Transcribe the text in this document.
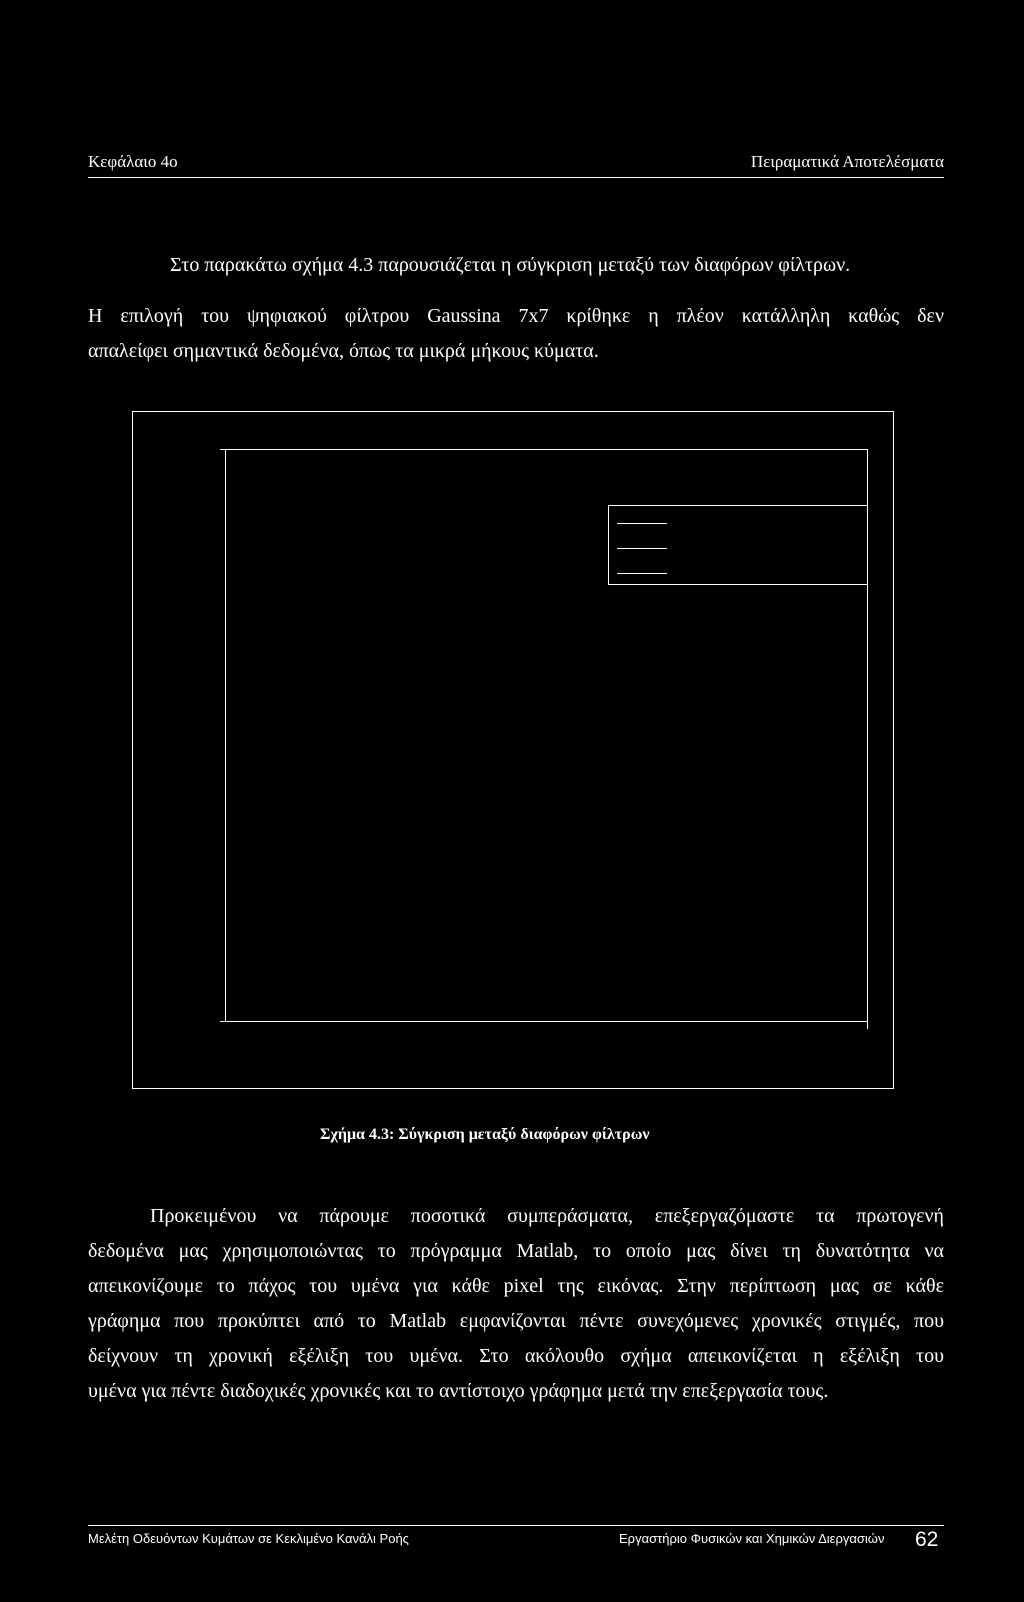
Κεφάλαιο 4ο	Πειραματικά Αποτελέσματα
Στο παρακάτω σχήμα 4.3 παρουσιάζεται η σύγκριση μεταξύ των διαφόρων φίλτρων.
Η επιλογή του ψηφιακού φίλτρου Gaussina 7x7 κρίθηκε η πλέον κατάλληλη καθώς δεν
απαλείφει σημαντικά δεδομένα, όπως τα μικρά μήκους κύματα.
Σχήμα 4.3: Σύγκριση μεταξύ διαφόρων φίλτρων
Προκειμένου να πάρουμε ποσοτικά συμπεράσματα, επεξεργαζόμαστε τα πρωτογενή
δεδομένα μας χρησιμοποιώντας το πρόγραμμα Matlab, το οποίο μας δίνει τη δυνατότητα να
απεικονίζουμε το πάχος του υμένα για κάθε pixel της εικόνας. Στην περίπτωση μας σε κάθε
γράφημα που προκύπτει από το Matlab εμφανίζονται πέντε συνεχόμενες χρονικές στιγμές, που
δείχνουν τη χρονική εξέλιξη του υμένα. Στο ακόλουθο σχήμα απεικονίζεται η εξέλιξη του
υμένα για πέντε διαδοχικές χρονικές και το αντίστοιχο γράφημα μετά την επεξεργασία τους.
Μελέτη Οδευόντων Κυμάτων σε Κεκλιμένο Κανάλι Ροής	Εργαστήριο Φυσικών και Χημικών Διεργασιών 62
